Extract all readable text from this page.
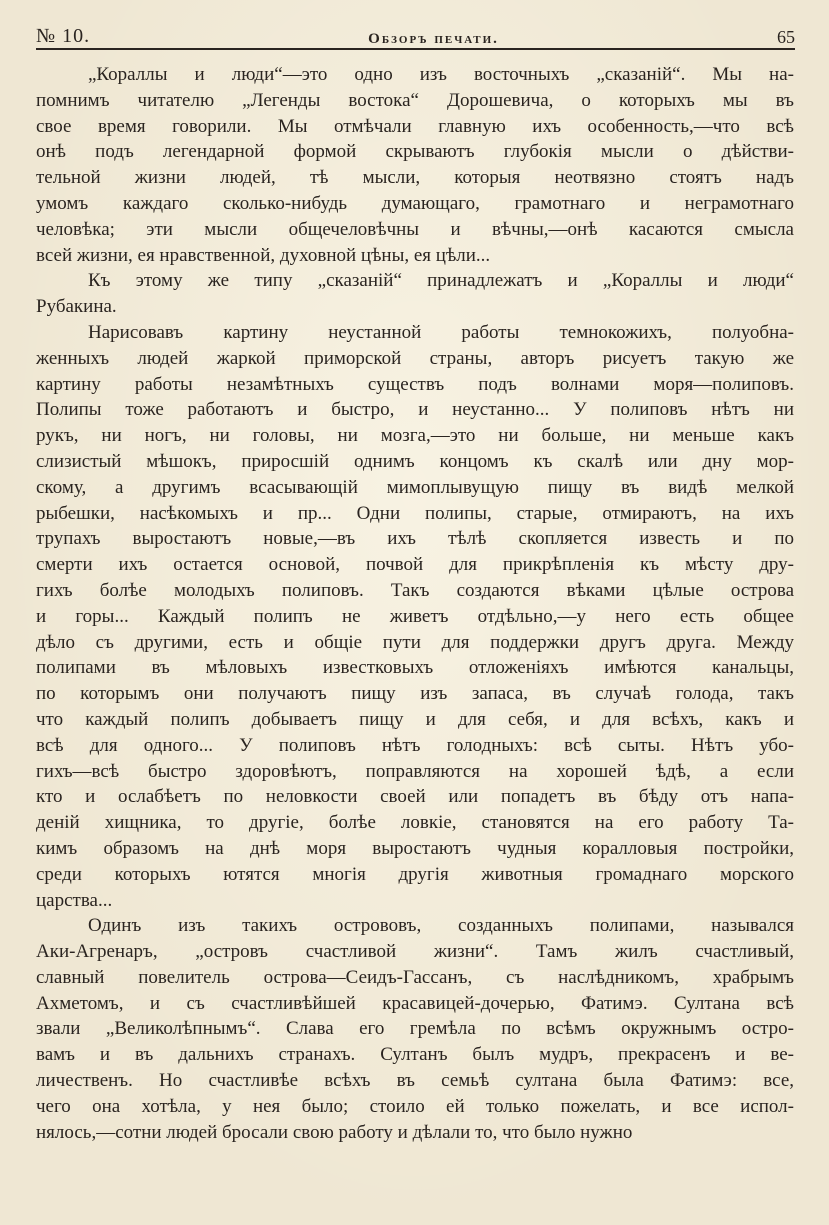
№ 10.	Обзоръ печати.	65
„Кораллы и люди“—это одно изъ восточныхъ „сказаній“. Мы на-
помнимъ читателю „Легенды востока“ Дорошевича, о которыхъ мы въ
свое время говорили. Мы отмѣчали главную ихъ особенность,—что всѣ
онѣ подъ легендарной формой скрываютъ глубокія мысли о дѣйстви-
тельной жизни людей, тѣ мысли, которыя неотвязно стоятъ надъ
умомъ каждаго сколько-нибудь думающаго, грамотнаго и неграмотнаго
человѣка; эти мысли общечеловѣчны и вѣчны,—онѣ касаются смысла
всей жизни, ея нравственной, духовной цѣны, ея цѣли...
Къ этому же типу „сказаній“ принадлежатъ и „Кораллы и люди“
Рубакина.
Нарисовавъ картину неустанной работы темнокожихъ, полуобна-
женныхъ людей жаркой приморской страны, авторъ рисуетъ такую же
картину работы незамѣтныхъ существъ подъ волнами моря—полиповъ.
Полипы тоже работаютъ и быстро, и неустанно... У полиповъ нѣтъ ни
рукъ, ни ногъ, ни головы, ни мозга,—это ни больше, ни меньше какъ
слизистый мѣшокъ, приросшій однимъ концомъ къ скалѣ или дну мор-
скому, а другимъ всасывающій мимоплывущую пищу въ видѣ мелкой
рыбешки, насѣкомыхъ и пр... Одни полипы, старые, отмираютъ, на ихъ
трупахъ выростаютъ новые,—въ ихъ тѣлѣ скопляется известь и по
смерти ихъ остается основой, почвой для прикрѣпленія къ мѣсту дру-
гихъ болѣе молодыхъ полиповъ. Такъ создаются вѣками цѣлые острова
и горы... Каждый полипъ не живетъ отдѣльно,—у него есть общее
дѣло съ другими, есть и общіе пути для поддержки другъ друга. Между
полипами въ мѣловыхъ известковыхъ отложеніяхъ имѣются канальцы,
по которымъ они получаютъ пищу изъ запаса, въ случаѣ голода, такъ
что каждый полипъ добываетъ пищу и для себя, и для всѣхъ, какъ и
всѣ для одного... У полиповъ нѣтъ голодныхъ: всѣ сыты. Нѣтъ убо-
гихъ—всѣ быстро здоровѣютъ, поправляются на хорошей ѣдѣ, а если
кто и ослабѣетъ по неловкости своей или попадетъ въ бѣду отъ напа-
деній хищника, то другіе, болѣе ловкіе, становятся на его работу Та-
кимъ образомъ на днѣ моря выростаютъ чудныя коралловыя постройки,
среди которыхъ ютятся многія другія животныя громаднаго морского
царства...
Одинъ изъ такихъ острововъ, созданныхъ полипами, назывался
Аки-Агренаръ, „островъ счастливой жизни“. Тамъ жилъ счастливый,
славный повелитель острова—Сеидъ-Гассанъ, съ наслѣдникомъ, храбрымъ
Ахметомъ, и съ счастливѣйшей красавицей-дочерью, Фатимэ. Султана всѣ
звали „Великолѣпнымъ“. Слава его гремѣла по всѣмъ окружнымъ остро-
вамъ и въ дальнихъ странахъ. Султанъ былъ мудръ, прекрасенъ и ве-
личественъ. Но счастливѣе всѣхъ въ семьѣ султана была Фатимэ: все,
чего она хотѣла, у нея было; стоило ей только пожелать, и все испол-
нялось,—сотни людей бросали свою работу и дѣлали то, что было нужно
